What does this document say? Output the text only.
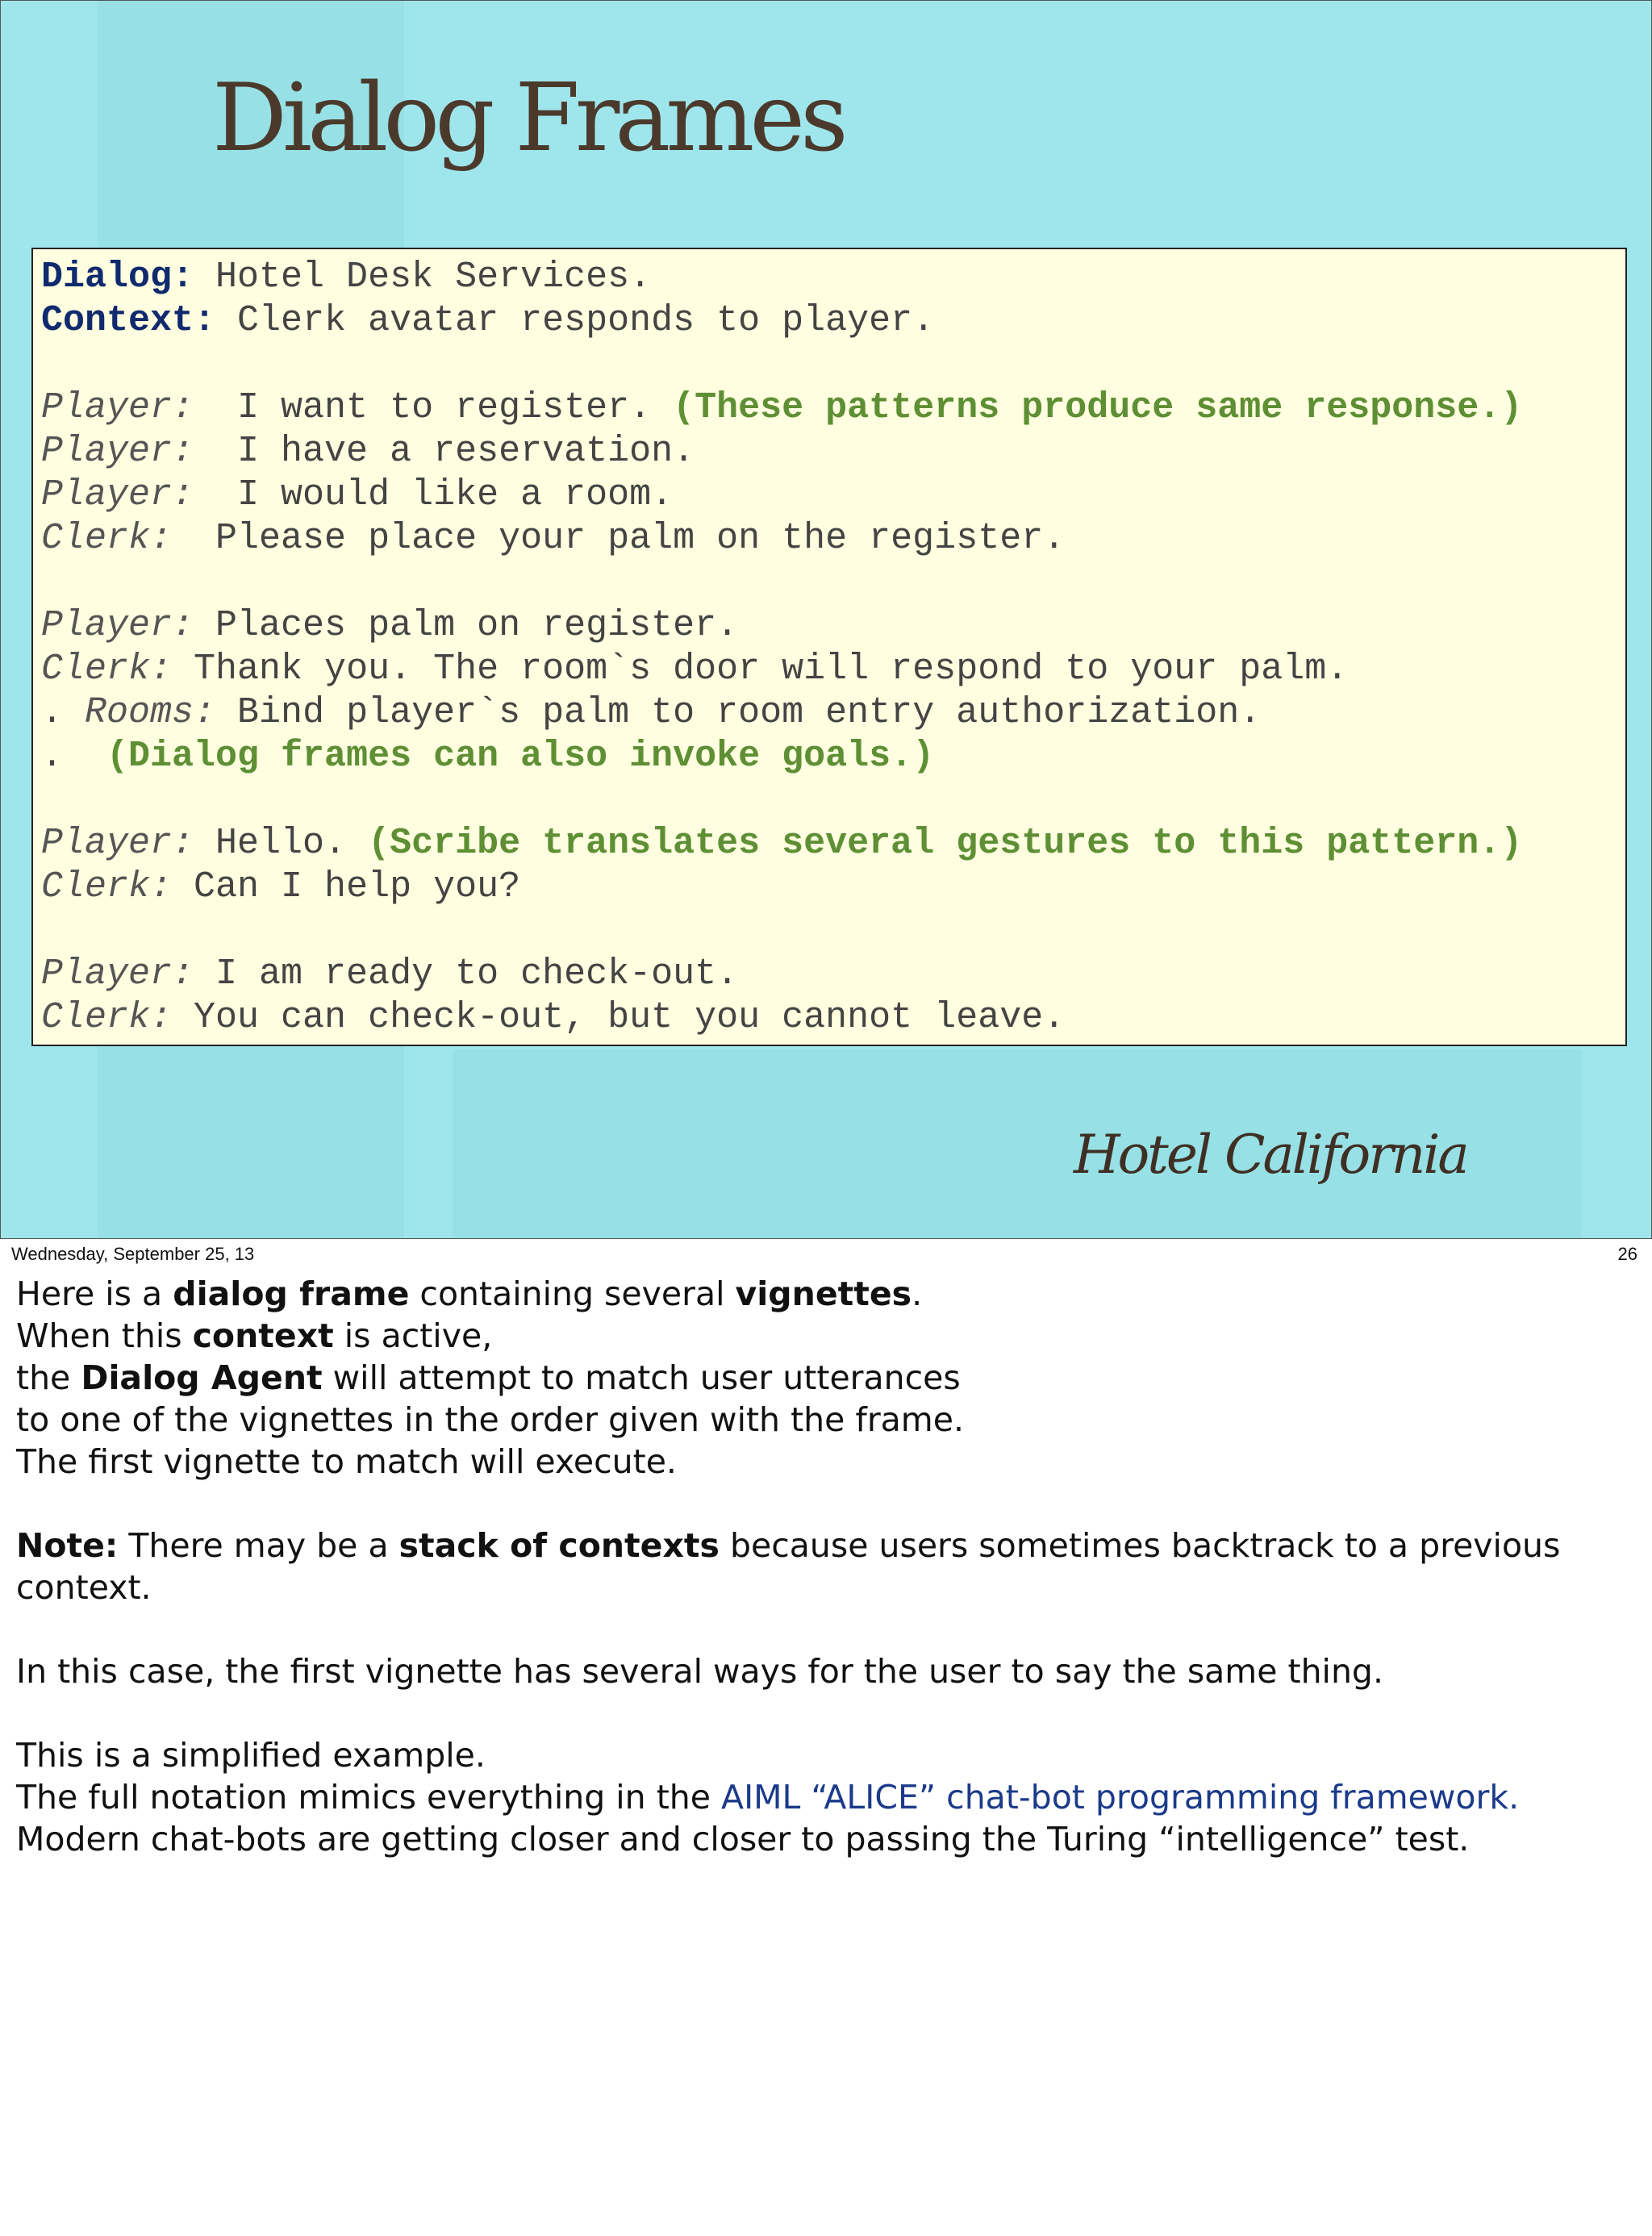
Dialog Frames
Dialog: Hotel Desk Services.
Context: Clerk avatar responds to player.
Player:  I want to register. (These patterns produce same response.)
Player:  I have a reservation.
Player:  I would like a room.
Clerk:  Please place your palm on the register.
Player: Places palm on register.
Clerk: Thank you. The room`s door will respond to your palm.
. Rooms: Bind player`s palm to room entry authorization.
.  (Dialog frames can also invoke goals.)
Player: Hello. (Scribe translates several gestures to this pattern.)
Clerk: Can I help you?
Player: I am ready to check-out.
Clerk: You can check-out, but you cannot leave.
Hotel California
Wednesday, September 25, 13	26
Here is a dialog frame containing several vignettes.
When this context is active,
the Dialog Agent will attempt to match user utterances
to one of the vignettes in the order given with the frame.
The first vignette to match will execute.
Note: There may be a stack of contexts because users sometimes backtrack to a previous
context.
In this case, the first vignette has several ways for the user to say the same thing.
This is a simplified example.
The full notation mimics everything in the AIML “ALICE” chat-bot programming framework.
Modern chat-bots are getting closer and closer to passing the Turing “intelligence” test.
